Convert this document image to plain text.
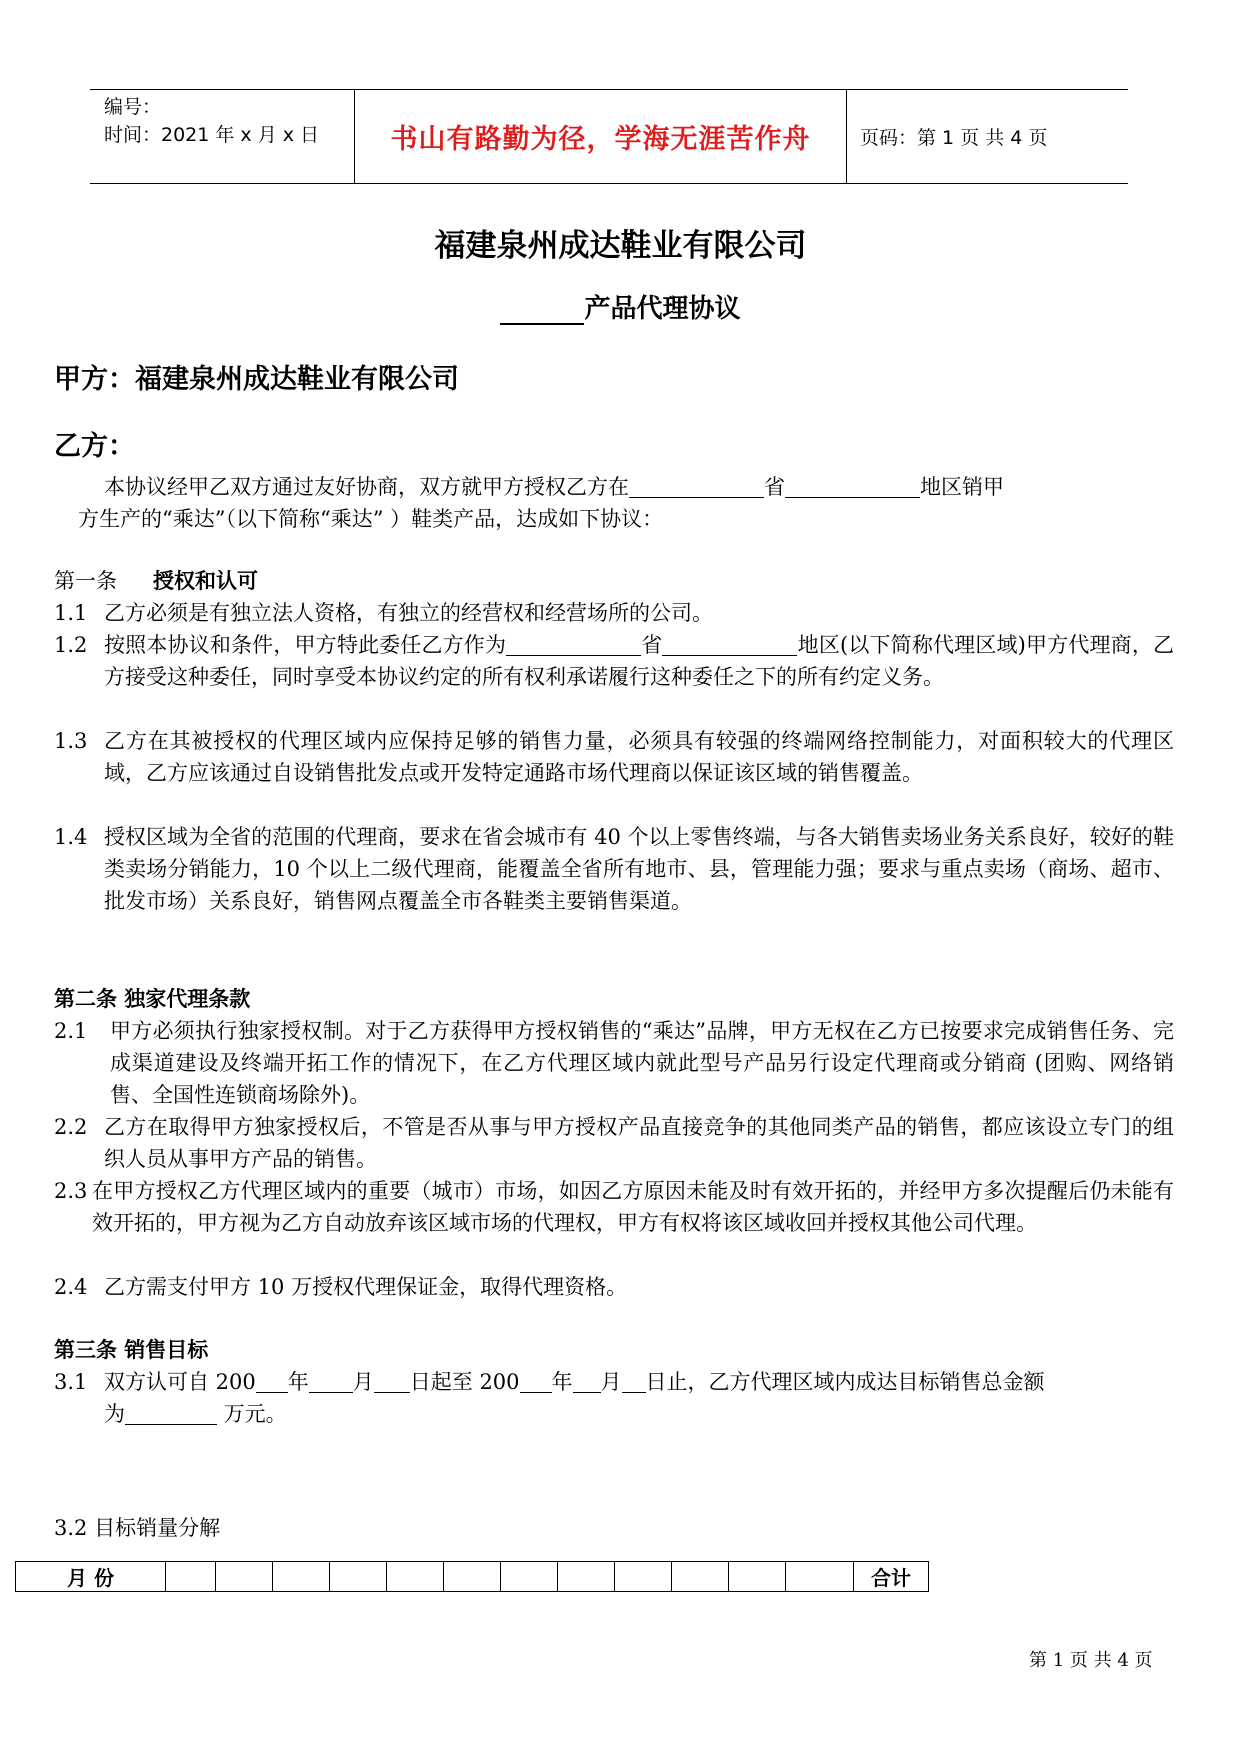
编号：
时间：2021 年 x 月 x 日	书山有路勤为径，学海无涯苦作舟	页码：第 1 页 共 4 页
福建泉州成达鞋业有限公司
产品代理协议
甲方：福建泉州成达鞋业有限公司
乙方：
本协议经甲乙双方通过友好协商，双方就甲方授权乙方在	省	地区销甲
方生产的“乘达”（以下简称“乘达” ）鞋类产品，达成如下协议：
第一条 授权和认可
1.1 乙方必须是有独立法人资格，有独立的经营权和经营场所的公司。
1.2 按照本协议和条件，甲方特此委任乙方作为	省	地区(以下简称代理区域)甲方代理商，乙方接受这种委任，同时享受本协议约定的所有权利承诺履行这种委任之下的所有约定义务。
1.3 乙方在其被授权的代理区域内应保持足够的销售力量，必须具有较强的终端网络控制能力，对面积较大的代理区域，乙方应该通过自设销售批发点或开发特定通路市场代理商以保证该区域的销售覆盖。
1.4 授权区域为全省的范围的代理商，要求在省会城市有 40 个以上零售终端，与各大销售卖场业务关系良好，较好的鞋类卖场分销能力，10 个以上二级代理商，能覆盖全省所有地市、县，管理能力强；要求与重点卖场（商场、超市、批发市场）关系良好，销售网点覆盖全市各鞋类主要销售渠道。
第二条 独家代理条款
2.1 甲方必须执行独家授权制。对于乙方获得甲方授权销售的“乘达”品牌，甲方无权在乙方已按要求完成销售任务、完成渠道建设及终端开拓工作的情况下，在乙方代理区域内就此型号产品另行设定代理商或分销商 (团购、网络销售、全国性连锁商场除外)。
2.2 乙方在取得甲方独家授权后，不管是否从事与甲方授权产品直接竞争的其他同类产品的销售，都应该设立专门的组织人员从事甲方产品的销售。
2.3 在甲方授权乙方代理区域内的重要（城市）市场，如因乙方原因未能及时有效开拓的，并经甲方多次提醒后仍未能有效开拓的，甲方视为乙方自动放弃该区域市场的代理权，甲方有权将该区域收回并授权其他公司代理。
2.4 乙方需支付甲方 10 万授权代理保证金，取得代理资格。
第三条 销售目标
3.1 双方认可自 200 年 月 日起至 200 年 月 日止，乙方代理区域内成达目标销售总金额
为	万元。
3.2 目标销量分解
月 份													合计
第 1 页 共 4 页
